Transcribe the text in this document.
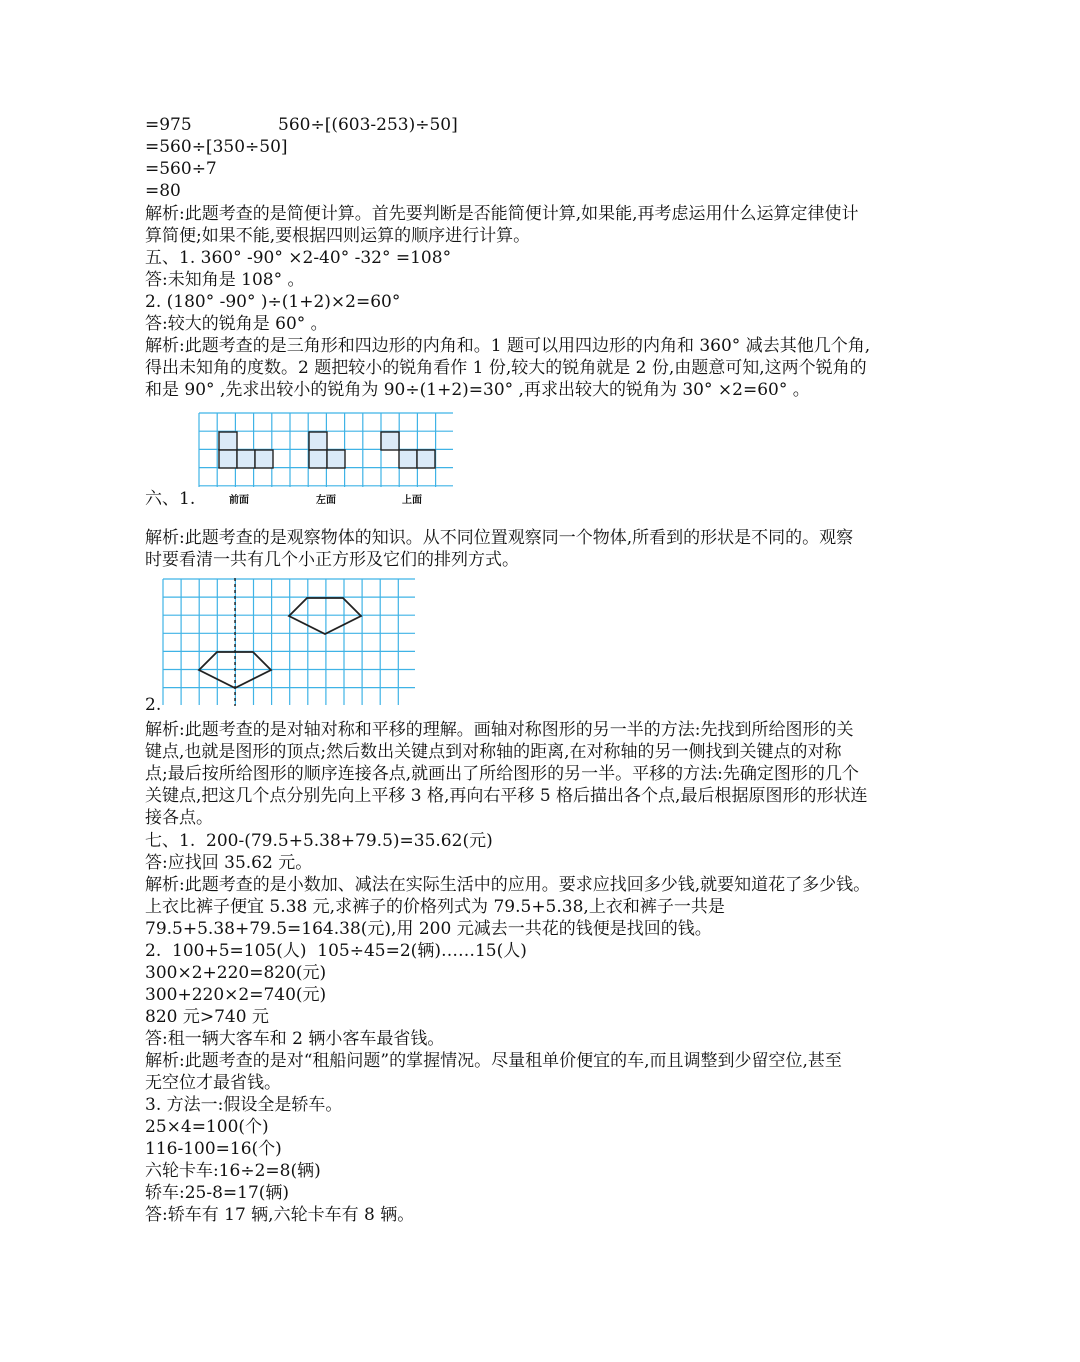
=975	560÷[(603-253)÷50]
=560÷[350÷50]
=560÷7
=80
解析:此题考查的是简便计算。首先要判断是否能简便计算,如果能,再考虑运用什么运算定律使计
算简便;如果不能,要根据四则运算的顺序进行计算。
五、1. 360° -90° ×2-40° -32° =108°
答:未知角是 108° 。
2. (180° -90° )÷(1+2)×2=60°
答:较大的锐角是 60° 。
解析:此题考查的是三角形和四边形的内角和。1 题可以用四边形的内角和 360° 减去其他几个角,
得出未知角的度数。2 题把较小的锐角看作 1 份,较大的锐角就是 2 份,由题意可知,这两个锐角的
和是 90° ,先求出较小的锐角为 90÷(1+2)=30° ,再求出较大的锐角为 30° ×2=60° 。
六、1.	前面	左面	上面
解析:此题考查的是观察物体的知识。从不同位置观察同一个物体,所看到的形状是不同的。观察
时要看清一共有几个小正方形及它们的排列方式。
2.
解析:此题考查的是对轴对称和平移的理解。画轴对称图形的另一半的方法:先找到所给图形的关
键点,也就是图形的顶点;然后数出关键点到对称轴的距离,在对称轴的另一侧找到关键点的对称
点;最后按所给图形的顺序连接各点,就画出了所给图形的另一半。平移的方法:先确定图形的几个
关键点,把这几个点分别先向上平移 3 格,再向右平移 5 格后描出各个点,最后根据原图形的形状连
接各点。
七、1.  200-(79.5+5.38+79.5)=35.62(元)
答:应找回 35.62 元。
解析:此题考查的是小数加、减法在实际生活中的应用。要求应找回多少钱,就要知道花了多少钱。
上衣比裤子便宜 5.38 元,求裤子的价格列式为 79.5+5.38,上衣和裤子一共是
79.5+5.38+79.5=164.38(元),用 200 元减去一共花的钱便是找回的钱。
2.  100+5=105(人)  105÷45=2(辆)……15(人)
300×2+220=820(元)
300+220×2=740(元)
820 元>740 元
答:租一辆大客车和 2 辆小客车最省钱。
解析:此题考查的是对“租船问题”的掌握情况。尽量租单价便宜的车,而且调整到少留空位,甚至
无空位才最省钱。
3. 方法一:假设全是轿车。
25×4=100(个)
116-100=16(个)
六轮卡车:16÷2=8(辆)
轿车:25-8=17(辆)
答:轿车有 17 辆,六轮卡车有 8 辆。
